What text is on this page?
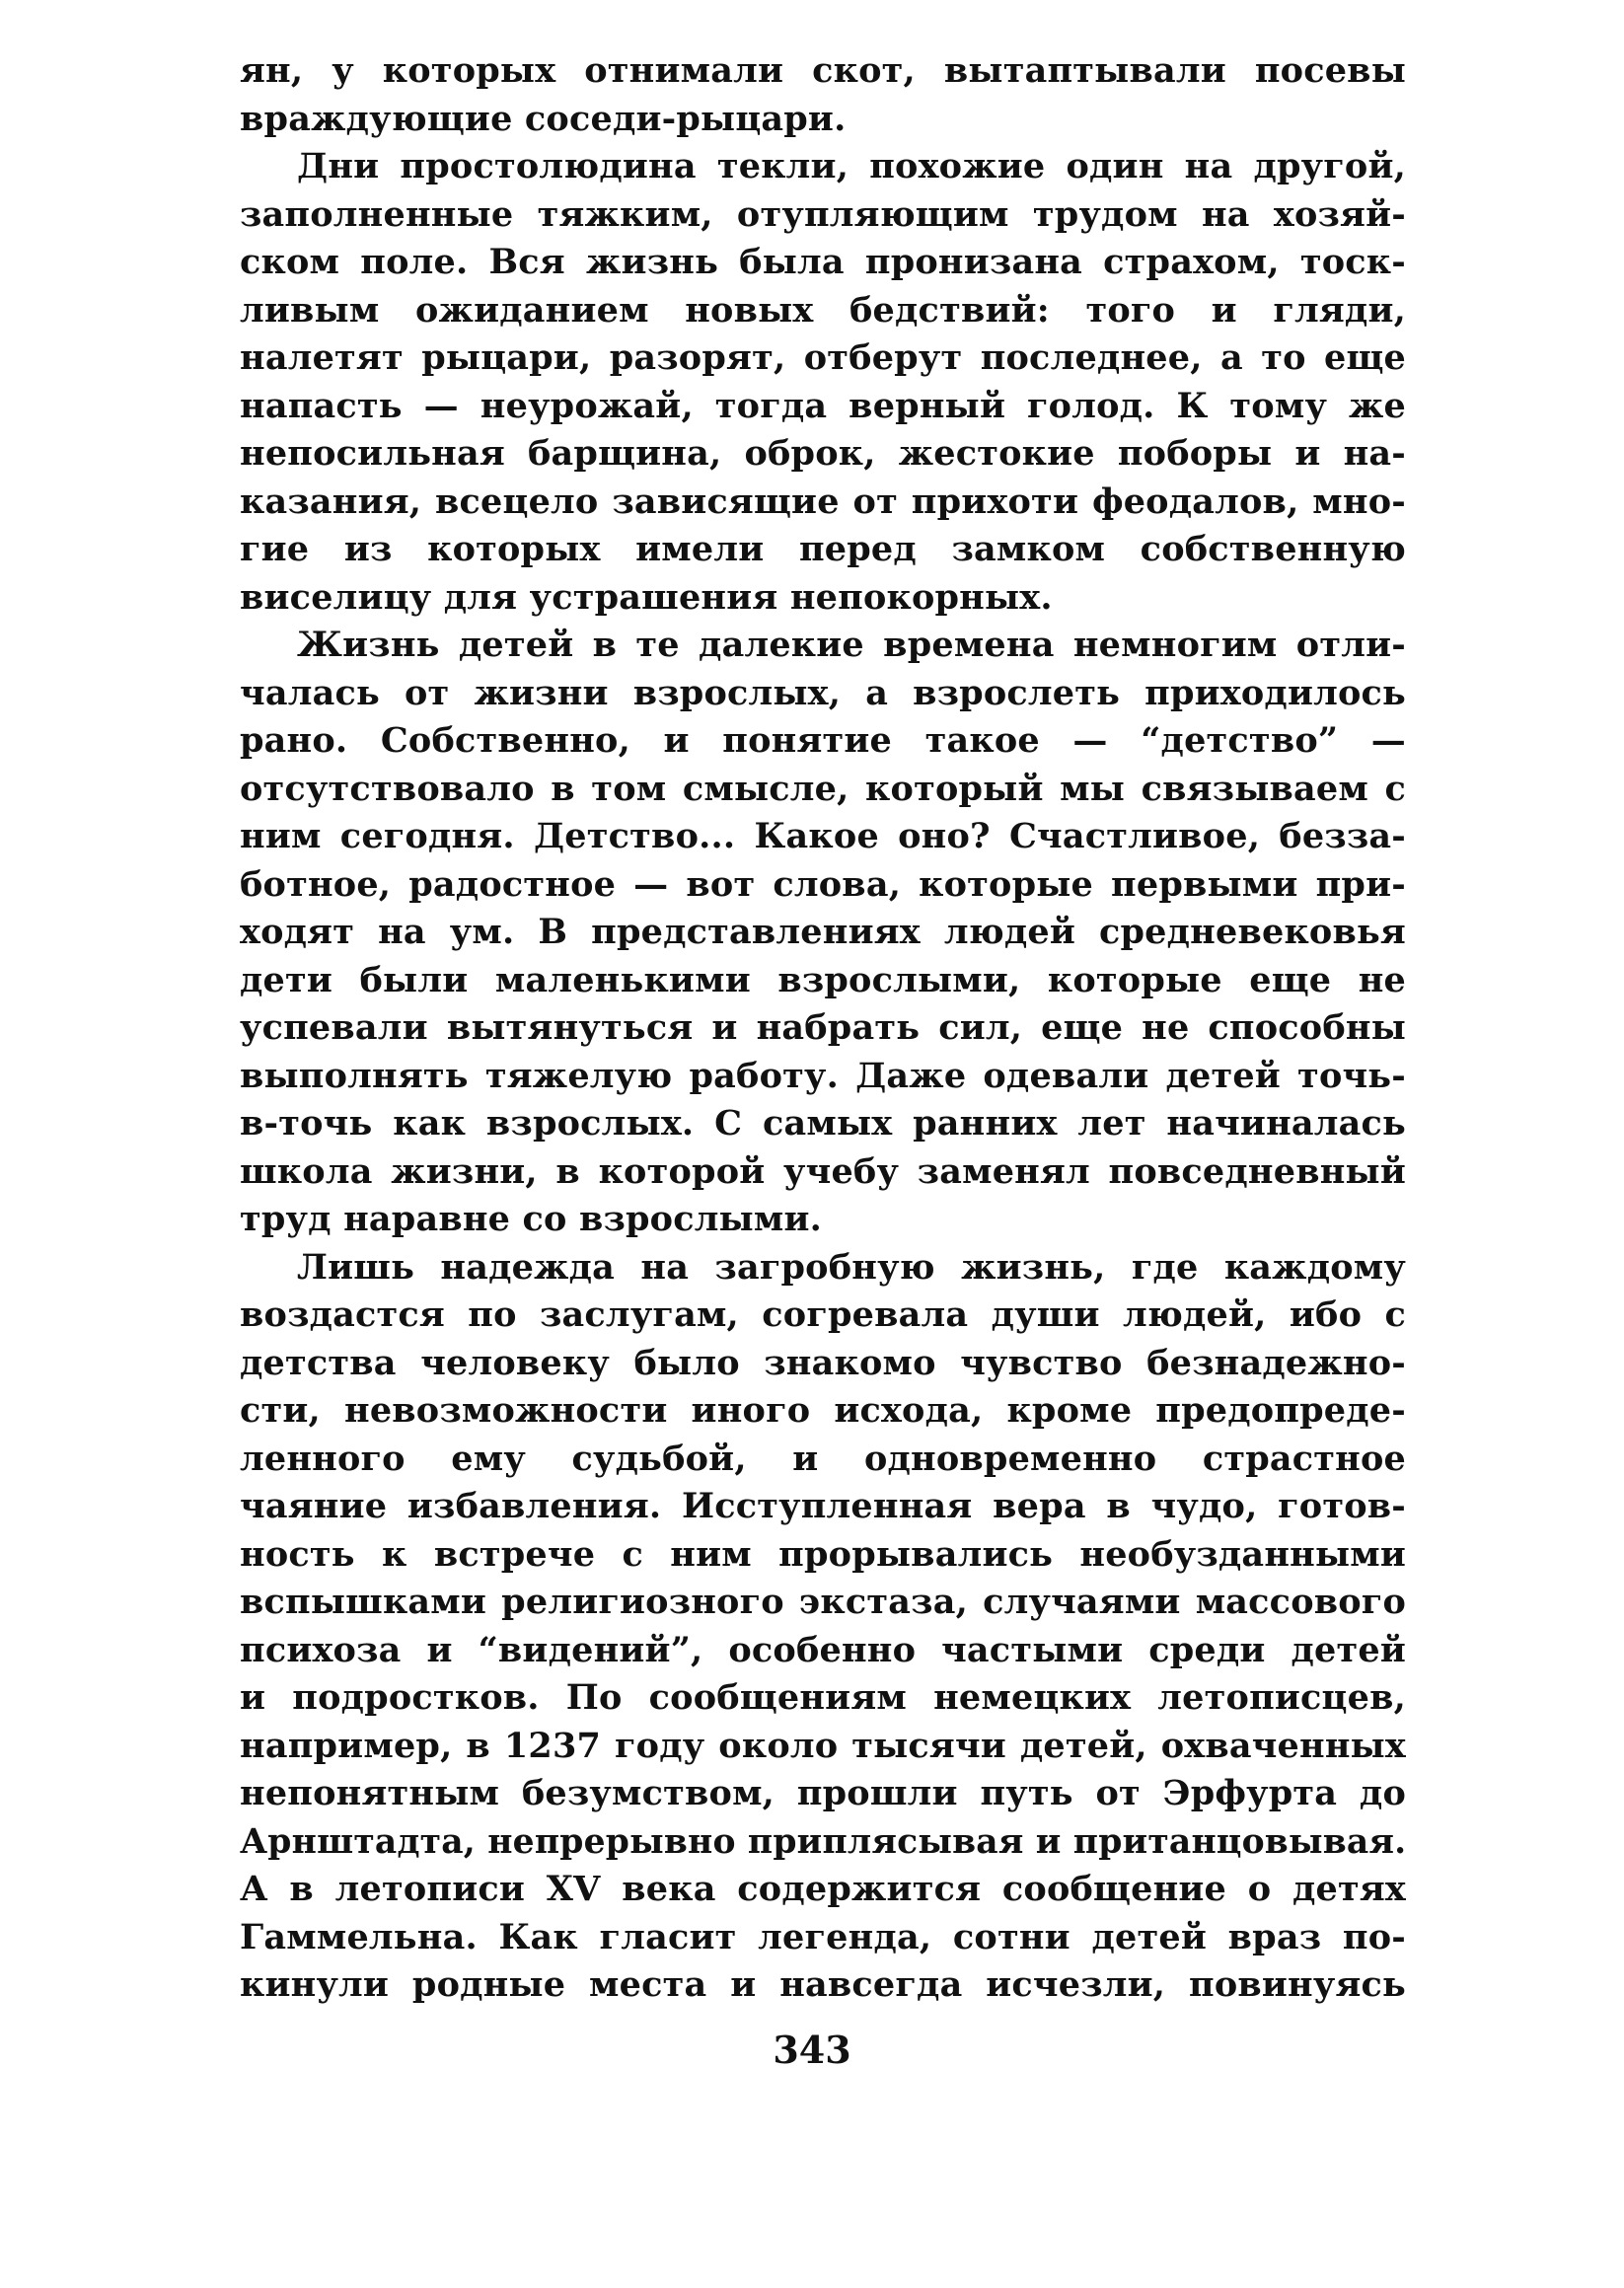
ян, у которых отнимали скот, вытаптывали посевы
враждующие соседи-рыцари.
Дни простолюдина текли, похожие один на другой,
заполненные тяжким, отупляющим трудом на хозяй-
ском поле. Вся жизнь была пронизана страхом, тоск-
ливым ожиданием новых бедствий: того и гляди,
налетят рыцари, разорят, отберут последнее, а то еще
напасть — неурожай, тогда верный голод. К тому же
непосильная барщина, оброк, жестокие поборы и на-
казания, всецело зависящие от прихоти феодалов, мно-
гие из которых имели перед замком собственную
виселицу для устрашения непокорных.
Жизнь детей в те далекие времена немногим отли-
чалась от жизни взрослых, а взрослеть приходилось
рано. Собственно, и понятие такое — “детство” —
отсутствовало в том смысле, который мы связываем с
ним сегодня. Детство... Какое оно? Счастливое, безза-
ботное, радостное — вот слова, которые первыми при-
ходят на ум. В представлениях людей средневековья
дети были маленькими взрослыми, которые еще не
успевали вытянуться и набрать сил, еще не способны
выполнять тяжелую работу. Даже одевали детей точь-
в-точь как взрослых. С самых ранних лет начиналась
школа жизни, в которой учебу заменял повседневный
труд наравне со взрослыми.
Лишь надежда на загробную жизнь, где каждому
воздастся по заслугам, согревала души людей, ибо с
детства человеку было знакомо чувство безнадежно-
сти, невозможности иного исхода, кроме предопреде-
ленного ему судьбой, и одновременно страстное
чаяние избавления. Исступленная вера в чудо, готов-
ность к встрече с ним прорывались необузданными
вспышками религиозного экстаза, случаями массового
психоза и “видений”, особенно частыми среди детей
и подростков. По сообщениям немецких летописцев,
например, в 1237 году около тысячи детей, охваченных
непонятным безумством, прошли путь от Эрфурта до
Арнштадта, непрерывно приплясывая и пританцовывая.
А в летописи XV века содержится сообщение о детях
Гаммельна. Как гласит легенда, сотни детей враз по-
кинули родные места и навсегда исчезли, повинуясь
343
